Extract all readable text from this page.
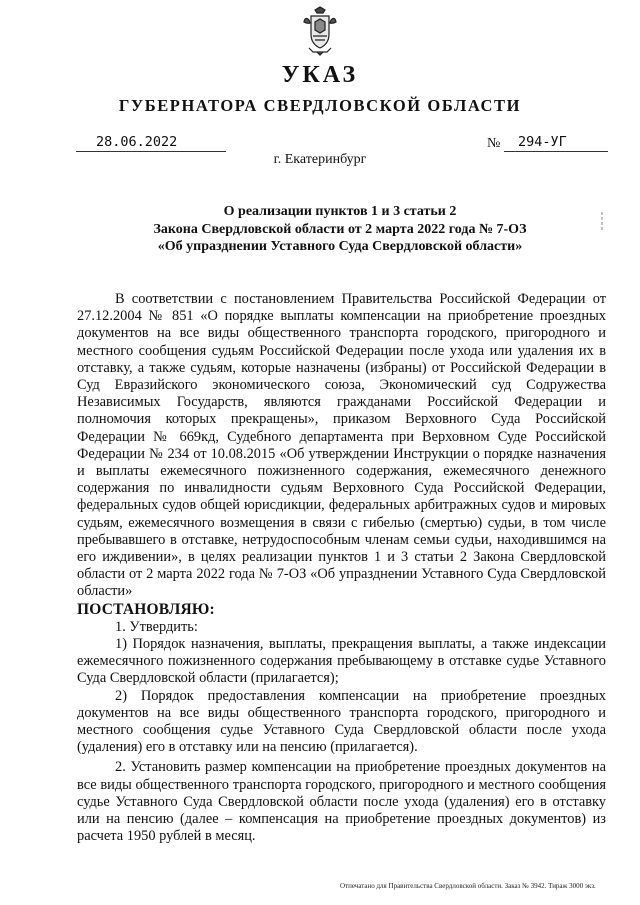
УКАЗ
ГУБЕРНАТОРА СВЕРДЛОВСКОЙ ОБЛАСТИ
28.06.2022	№	294-УГ
г. Екатеринбург
О реализации пунктов 1 и 3 статьи 2
Закона Свердловской области от 2 марта 2022 года № 7-ОЗ
«Об упразднении Уставного Суда Свердловской области»

В соответствии с постановлением Правительства Российской Федерации от 27.12.2004 № 851 «О порядке выплаты компенсации на приобретение проездных документов на все виды общественного транспорта городского, пригородного и местного сообщения судьям Российской Федерации после ухода или удаления их в отставку, а также судьям, которые назначены (избраны) от Российской Федерации в Суд Евразийского экономического союза, Экономический суд Содружества Независимых Государств, являются гражданами Российской Федерации и полномочия которых прекращены», приказом Верховного Суда Российской Федерации № 669кд, Судебного департамента при Верховном Суде Российской Федерации № 234 от 10.08.2015 «Об утверждении Инструкции о порядке назначения и выплаты ежемесячного пожизненного содержания, ежемесячного денежного содержания по инвалидности судьям Верховного Суда Российской Федерации, федеральных судов общей юрисдикции, федеральных арбитражных судов и мировых судьям, ежемесячного возмещения в связи с гибелью (смертью) судьи, в том числе пребывавшего в отставке, нетрудоспособным членам семьи судьи, находившимся на его иждивении», в целях реализации пунктов 1 и 3 статьи 2 Закона Свердловской области от 2 марта 2022 года № 7-ОЗ «Об упразднении Уставного Суда Свердловской области»

ПОСТАНОВЛЯЮ:

1. Утвердить:

1) Порядок назначения, выплаты, прекращения выплаты, а также индексации ежемесячного пожизненного содержания пребывающему в отставке судье Уставного Суда Свердловской области (прилагается);

2) Порядок предоставления компенсации на приобретение проездных документов на все виды общественного транспорта городского, пригородного и местного сообщения судье Уставного Суда Свердловской области после ухода (удаления) его в отставку или на пенсию (прилагается).

2. Установить размер компенсации на приобретение проездных документов на все виды общественного транспорта городского, пригородного и местного сообщения судье Уставного Суда Свердловской области после ухода (удаления) его в отставку или на пенсию (далее – компенсация на приобретение проездных документов) из расчета 1950 рублей в месяц.

Отпечатано для Правительства Свердловской области. Заказ № 3942. Тираж 3000 экз.
